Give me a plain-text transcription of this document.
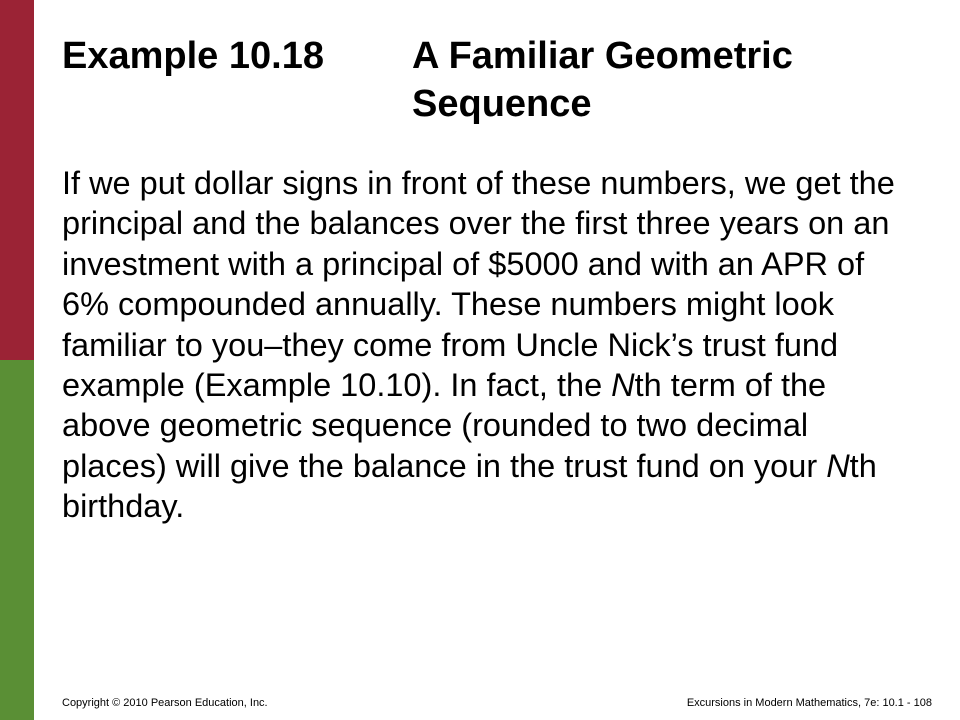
Example 10.18	A Familiar Geometric Sequence

If we put dollar signs in front of these numbers, we get the principal and the balances over the first three years on an investment with a principal of $5000 and with an APR of 6% compounded annually. These numbers might look familiar to you–they come from Uncle Nick’s trust fund example (Example 10.10). In fact, the Nth term of the above geometric sequence (rounded to two decimal places) will give the balance in the trust fund on your Nth birthday.

Copyright © 2010 Pearson Education, Inc.	Excursions in Modern Mathematics, 7e: 10.1 - 108
